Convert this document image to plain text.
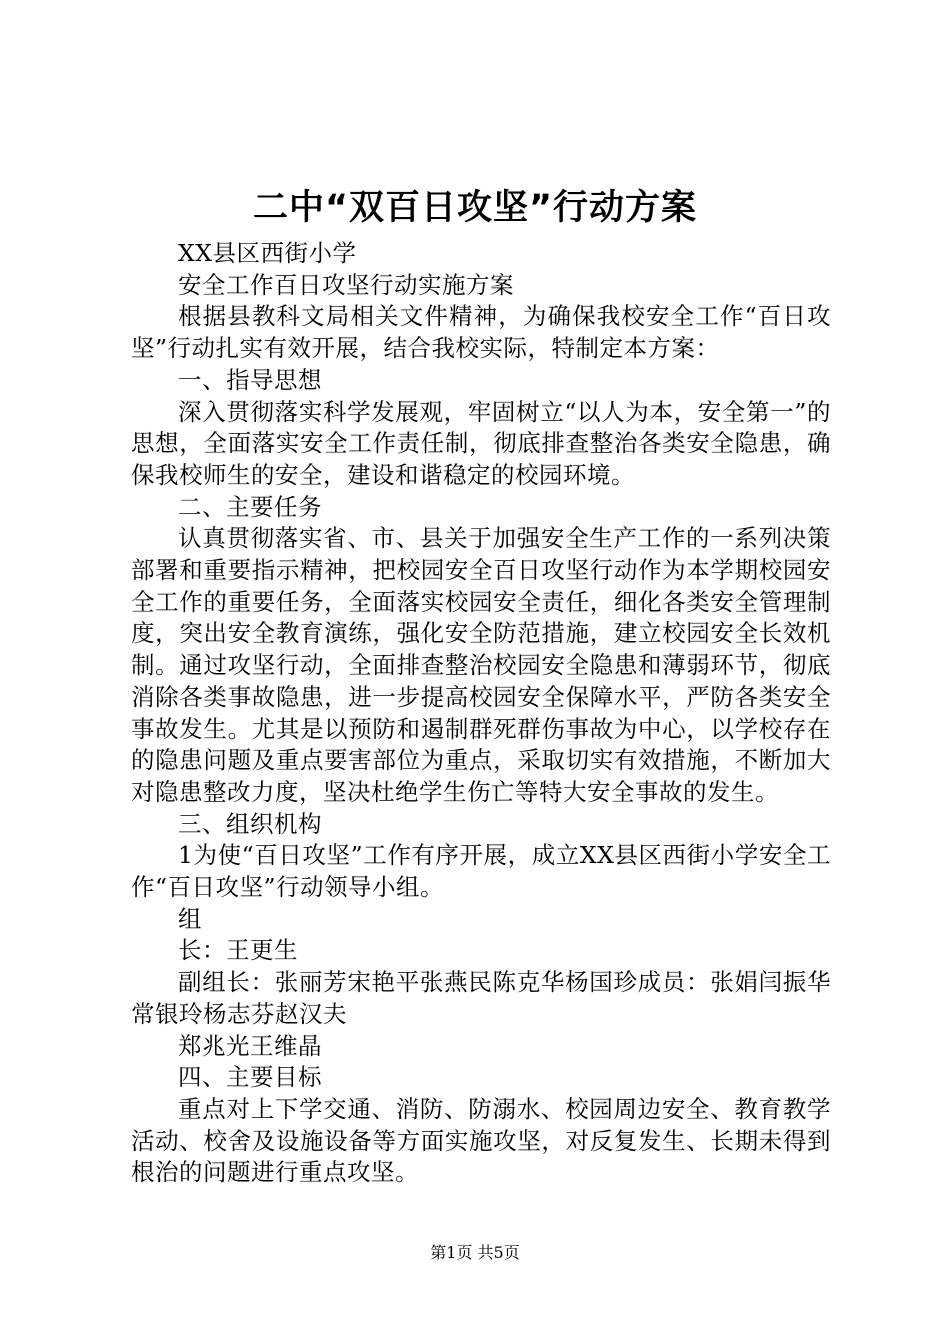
二中“双百日攻坚”行动方案

XX县区西街小学

安全工作百日攻坚行动实施方案

根据县教科文局相关文件精神，为确保我校安全工作“百日攻坚”行动扎实有效开展，结合我校实际，特制定本方案：

一、指导思想

深入贯彻落实科学发展观，牢固树立“以人为本，安全第一”的思想，全面落实安全工作责任制，彻底排查整治各类安全隐患，确保我校师生的安全，建设和谐稳定的校园环境。

二、主要任务

认真贯彻落实省、市、县关于加强安全生产工作的一系列决策部署和重要指示精神，把校园安全百日攻坚行动作为本学期校园安全工作的重要任务，全面落实校园安全责任，细化各类安全管理制度，突出安全教育演练，强化安全防范措施，建立校园安全长效机制。通过攻坚行动，全面排查整治校园安全隐患和薄弱环节，彻底消除各类事故隐患，进一步提高校园安全保障水平，严防各类安全事故发生。尤其是以预防和遏制群死群伤事故为中心，以学校存在的隐患问题及重点要害部位为重点，采取切实有效措施，不断加大对隐患整改力度，坚决杜绝学生伤亡等特大安全事故的发生。

三、组织机构

1为使“百日攻坚”工作有序开展，成立XX县区西街小学安全工作“百日攻坚”行动领导小组。

组

长：王更生

副组长：张丽芳宋艳平张燕民陈克华杨国珍成员：张娟闫振华常银玲杨志芬赵汉夫

郑兆光王维晶

四、主要目标

重点对上下学交通、消防、防溺水、校园周边安全、教育教学活动、校舍及设施设备等方面实施攻坚，对反复发生、长期未得到根治的问题进行重点攻坚。

第1页 共5页
